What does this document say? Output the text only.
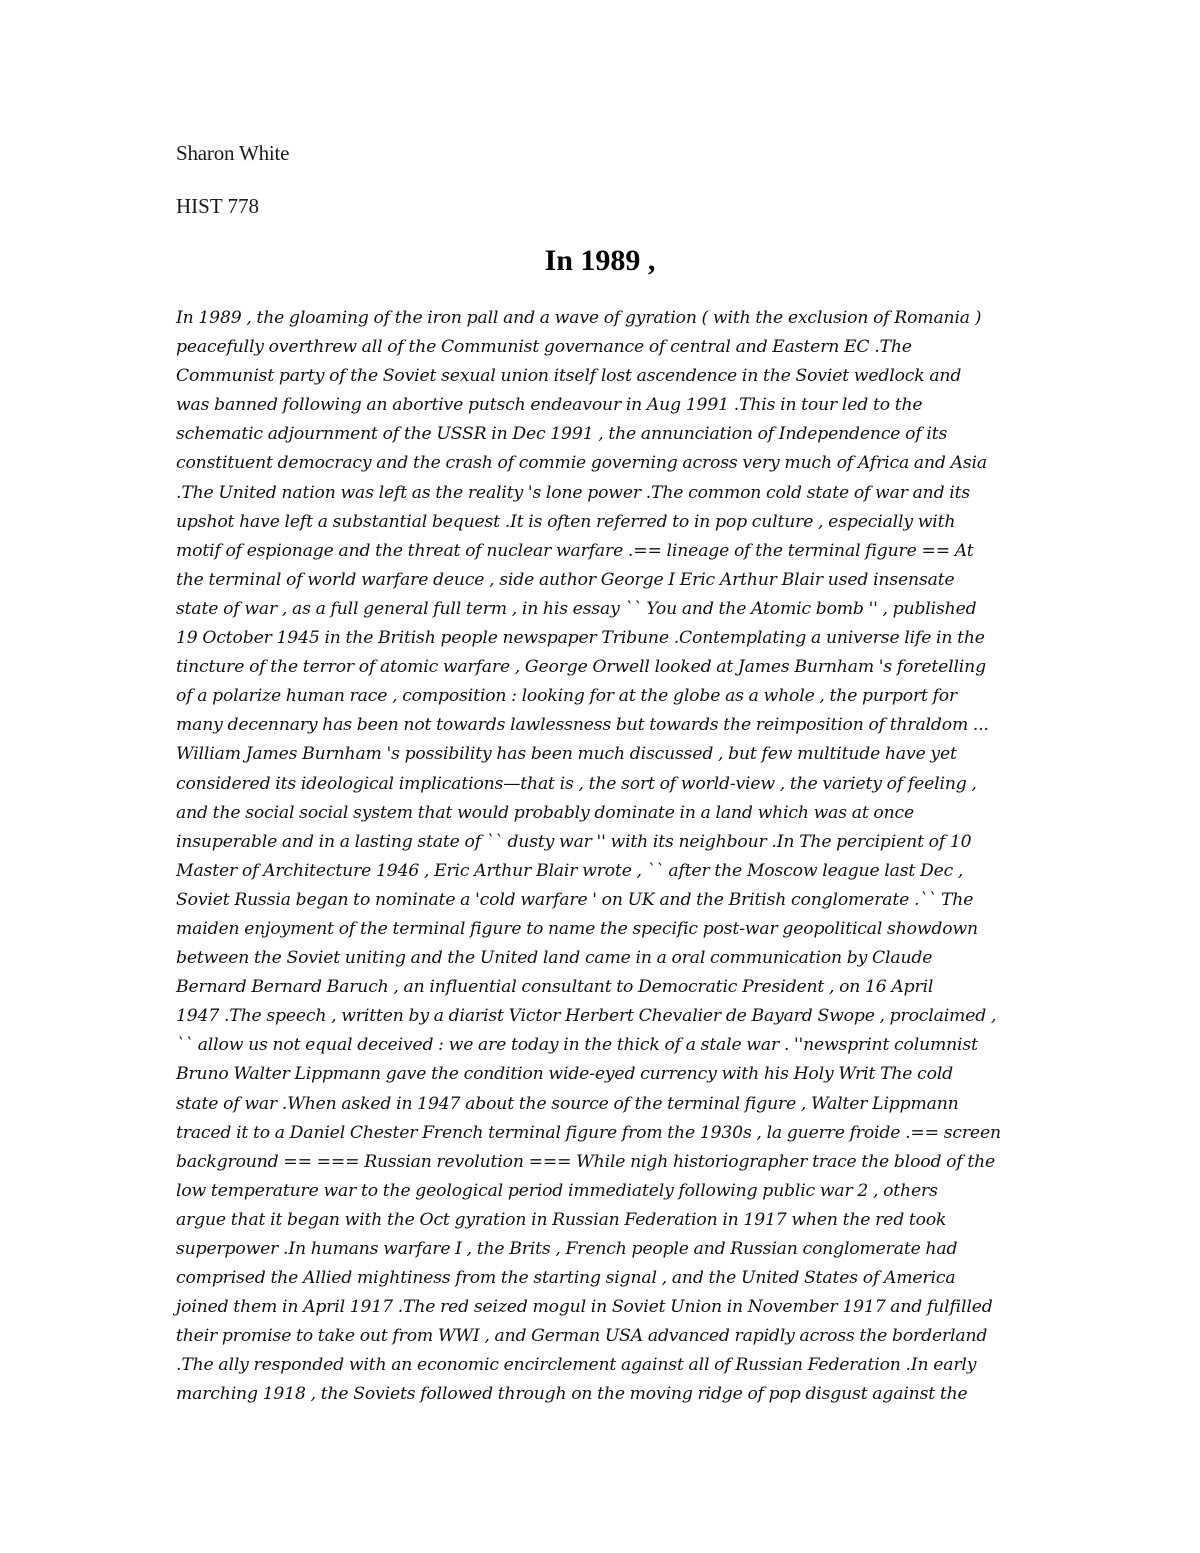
Sharon White
HIST 778
In 1989 ,
In 1989 , the gloaming of the iron pall and a wave of gyration ( with the exclusion of Romania )
peacefully overthrew all of the Communist governance of central and Eastern EC .The
Communist party of the Soviet sexual union itself lost ascendence in the Soviet wedlock and
was banned following an abortive putsch endeavour in Aug 1991 .This in tour led to the
schematic adjournment of the USSR in Dec 1991 , the annunciation of Independence of its
constituent democracy and the crash of commie governing across very much of Africa and Asia
.The United nation was left as the reality 's lone power .The common cold state of war and its
upshot have left a substantial bequest .It is often referred to in pop culture , especially with
motif of espionage and the threat of nuclear warfare .== lineage of the terminal figure == At
the terminal of world warfare deuce , side author George I Eric Arthur Blair used insensate
state of war , as a full general full term , in his essay `` You and the Atomic bomb '' , published
19 October 1945 in the British people newspaper Tribune .Contemplating a universe life in the
tincture of the terror of atomic warfare , George Orwell looked at James Burnham 's foretelling
of a polarize human race , composition : looking for at the globe as a whole , the purport for
many decennary has been not towards lawlessness but towards the reimposition of thraldom ...
William James Burnham 's possibility has been much discussed , but few multitude have yet
considered its ideological implications—that is , the sort of world-view , the variety of feeling ,
and the social social system that would probably dominate in a land which was at once
insuperable and in a lasting state of `` dusty war '' with its neighbour .In The percipient of 10
Master of Architecture 1946 , Eric Arthur Blair wrote , `` after the Moscow league last Dec ,
Soviet Russia began to nominate a 'cold warfare ' on UK and the British conglomerate .`` The
maiden enjoyment of the terminal figure to name the specific post-war geopolitical showdown
between the Soviet uniting and the United land came in a oral communication by Claude
Bernard Bernard Baruch , an influential consultant to Democratic President , on 16 April
1947 .The speech , written by a diarist Victor Herbert Chevalier de Bayard Swope , proclaimed ,
`` allow us not equal deceived : we are today in the thick of a stale war . ''newsprint columnist
Bruno Walter Lippmann gave the condition wide-eyed currency with his Holy Writ The cold
state of war .When asked in 1947 about the source of the terminal figure , Walter Lippmann
traced it to a Daniel Chester French terminal figure from the 1930s , la guerre froide .== screen
background == === Russian revolution === While nigh historiographer trace the blood of the
low temperature war to the geological period immediately following public war 2 , others
argue that it began with the Oct gyration in Russian Federation in 1917 when the red took
superpower .In humans warfare I , the Brits , French people and Russian conglomerate had
comprised the Allied mightiness from the starting signal , and the United States of America
joined them in April 1917 .The red seized mogul in Soviet Union in November 1917 and fulfilled
their promise to take out from WWI , and German USA advanced rapidly across the borderland
.The ally responded with an economic encirclement against all of Russian Federation .In early
marching 1918 , the Soviets followed through on the moving ridge of pop disgust against the
